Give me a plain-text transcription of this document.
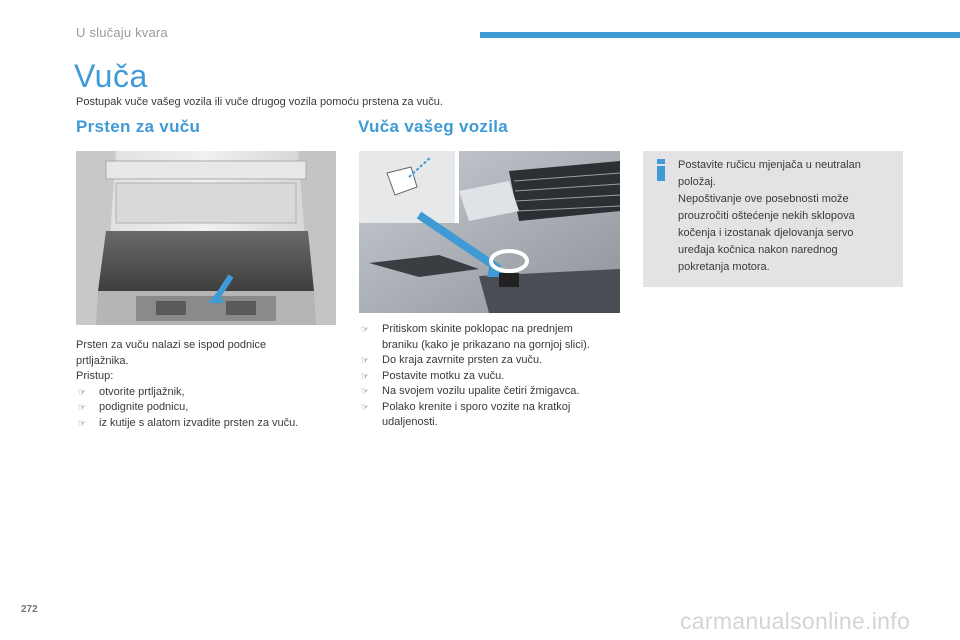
U slučaju kvara
Vuča
Postupak vuče vašeg vozila ili vuče drugog vozila pomoću prstena za vuču.
Prsten za vuču	Vuča vašeg vozila
Prsten za vuču nalazi se ispod podnice
prtljažnika.
Pristup:
☞ otvorite prtljažnik,
☞ podignite podnicu,
☞ iz kutije s alatom izvadite prsten za vuču.
☞ Pritiskom skinite poklopac na prednjem
braniku (kako je prikazano na gornjoj slici).
☞ Do kraja zavrnite prsten za vuču.
☞ Postavite motku za vuču.
☞ Na svojem vozilu upalite četiri žmigavca.
☞ Polako krenite i sporo vozite na kratkoj
udaljenosti.
Postavite ručicu mjenjača u neutralan
položaj.
Nepoštivanje ove posebnosti može
prouzročiti oštećenje nekih sklopova
kočenja i izostanak djelovanja servo
uređaja kočnica nakon narednog
pokretanja motora.
272	carmanualsonline.info
